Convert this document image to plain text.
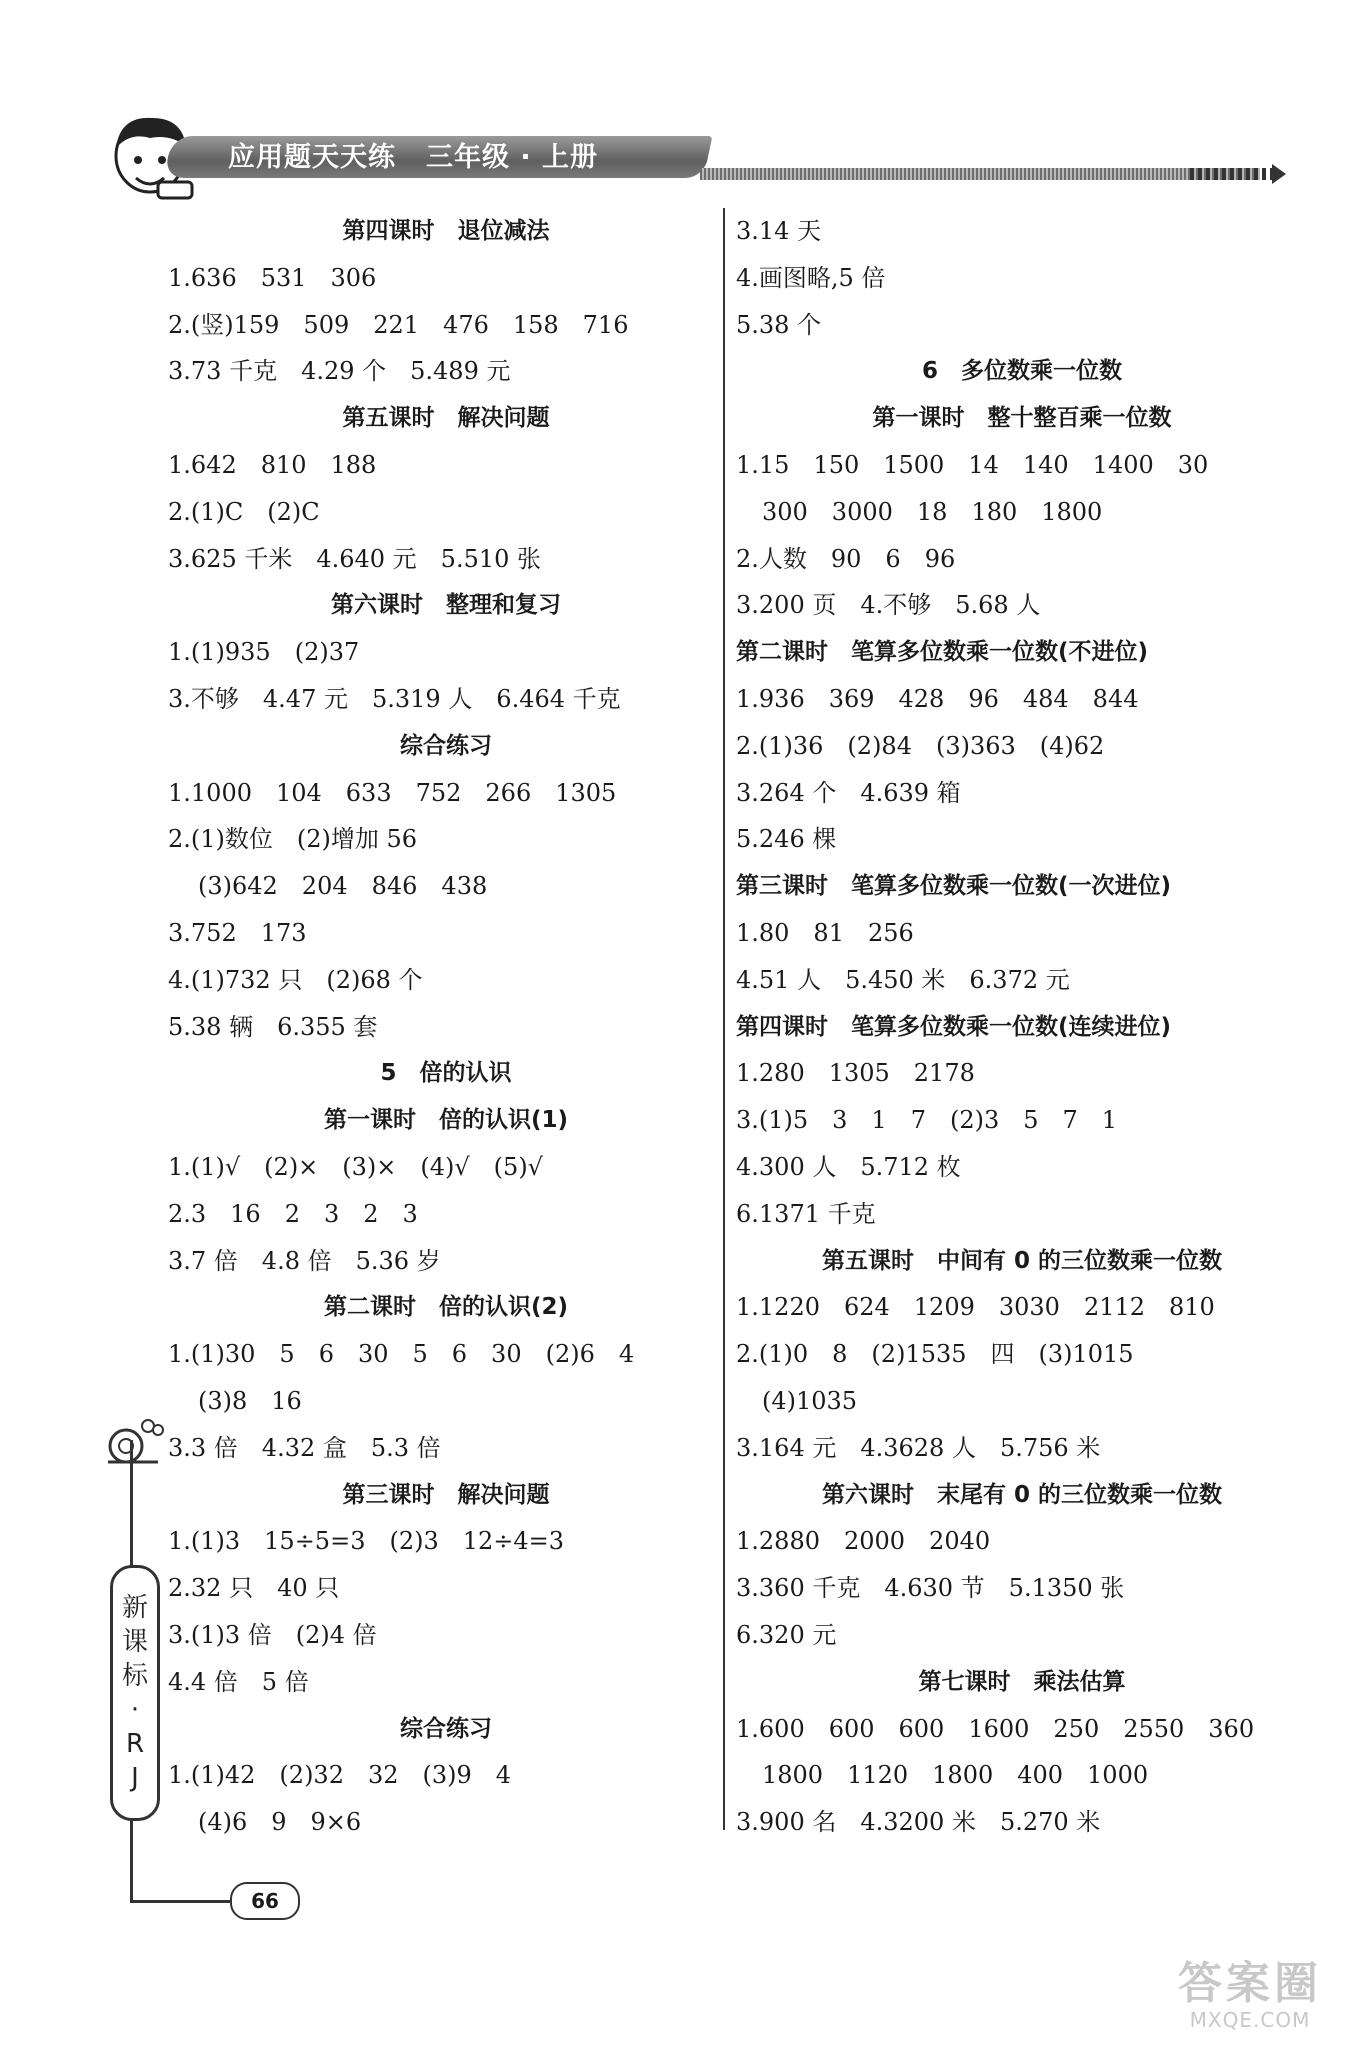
应用题天天练 三年级 · 上册
第四课时　退位减法
1.636　531　306
2.(竖)159　509　221　476　158　716
3.73 千克　4.29 个　5.489 元
第五课时　解决问题
1.642　810　188
2.(1)C　(2)C
3.625 千米　4.640 元　5.510 张
第六课时　整理和复习
1.(1)935　(2)37
3.不够　4.47 元　5.319 人　6.464 千克
综合练习
1.1000　104　633　752　266　1305
2.(1)数位　(2)增加 56
(3)642　204　846　438
3.752　173
4.(1)732 只　(2)68 个
5.38 辆　6.355 套
5　倍的认识
第一课时　倍的认识(1)
1.(1)√　(2)×　(3)×　(4)√　(5)√
2.3　16　2　3　2　3
3.7 倍　4.8 倍　5.36 岁
第二课时　倍的认识(2)
1.(1)30　5　6　30　5　6　30　(2)6　4
(3)8　16
3.3 倍　4.32 盒　5.3 倍
第三课时　解决问题
1.(1)3　15÷5=3　(2)3　12÷4=3
2.32 只　40 只
3.(1)3 倍　(2)4 倍
4.4 倍　5 倍
综合练习
1.(1)42　(2)32　32　(3)9　4
(4)6　9　9×6
3.14 天
4.画图略,5 倍
5.38 个
6　多位数乘一位数
第一课时　整十整百乘一位数
1.15　150　1500　14　140　1400　30
300　3000　18　180　1800
2.人数　90　6　96
3.200 页　4.不够　5.68 人
第二课时　笔算多位数乘一位数(不进位)
1.936　369　428　96　484　844
2.(1)36　(2)84　(3)363　(4)62
3.264 个　4.639 箱
5.246 棵
第三课时　笔算多位数乘一位数(一次进位)
1.80　81　256
4.51 人　5.450 米　6.372 元
第四课时　笔算多位数乘一位数(连续进位)
1.280　1305　2178
3.(1)5　3　1　7　(2)3　5　7　1
4.300 人　5.712 枚
6.1371 千克
第五课时　中间有 0 的三位数乘一位数
1.1220　624　1209　3030　2112　810
2.(1)0　8　(2)1535　四　(3)1015
(4)1035
3.164 元　4.3628 人　5.756 米
第六课时　末尾有 0 的三位数乘一位数
1.2880　2000　2040
3.360 千克　4.630 节　5.1350 张
6.320 元
第七课时　乘法估算
1.600　600　600　1600　250　2550　360
1800　1120　1800　400　1000
3.900 名　4.3200 米　5.270 米
新
课
标
·
R
J
66
答案圈
MXQE.COM
